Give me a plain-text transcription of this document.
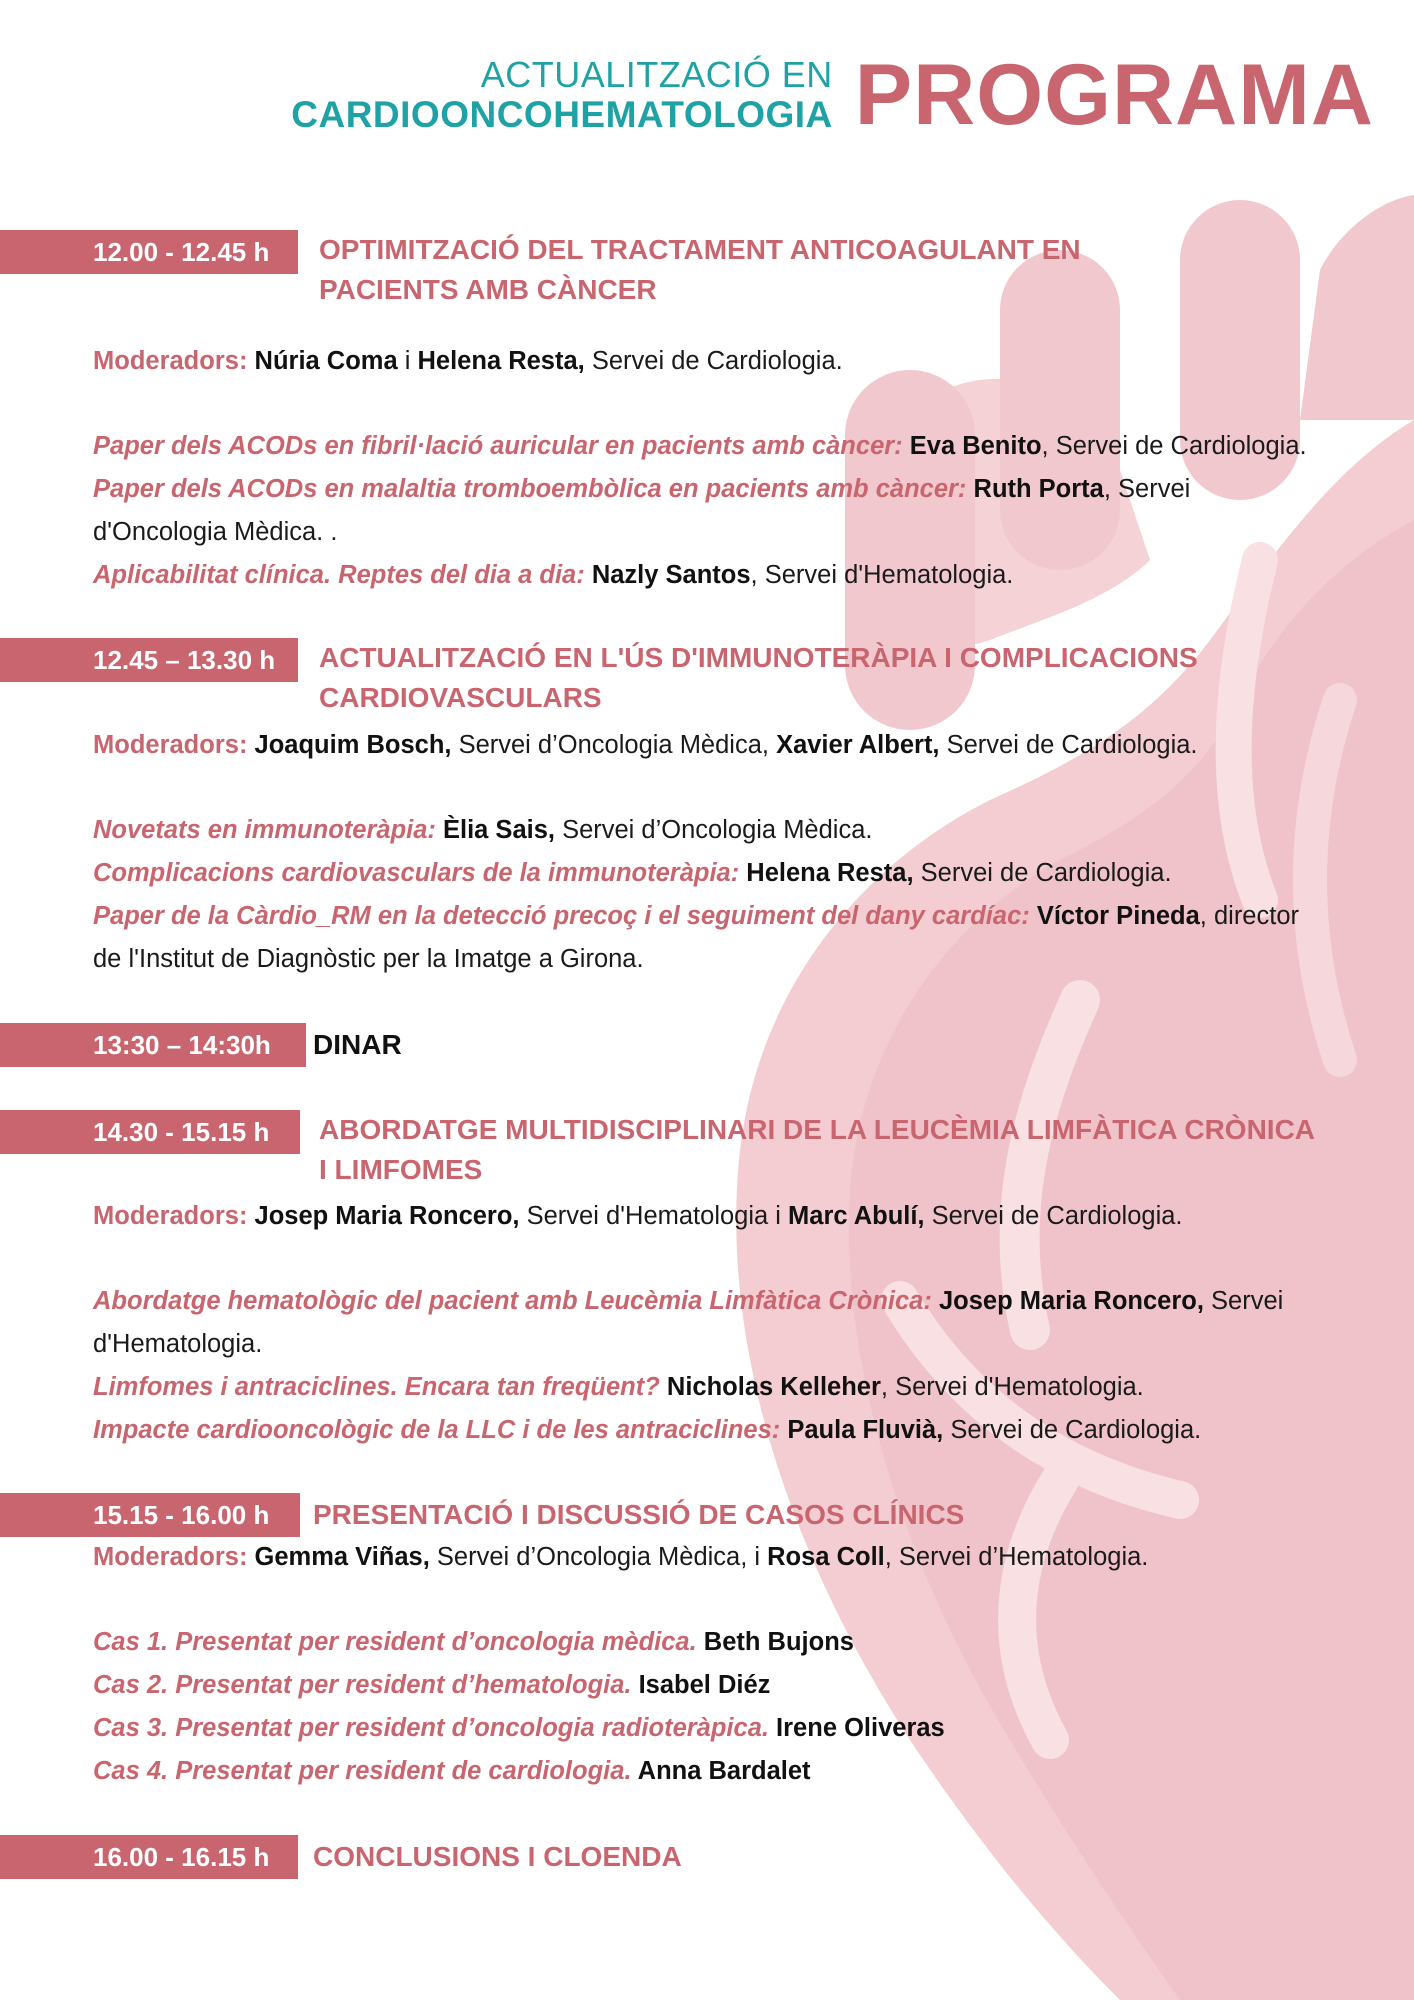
ACTUALITZACIÓ EN
CARDIOONCOHEMATOLOGIA PROGRAMA
12.00 - 12.45 h	OPTIMITZACIÓ DEL TRACTAMENT ANTICOAGULANT EN
PACIENTS AMB CÀNCER
Moderadors: Núria Coma i Helena Resta, Servei de Cardiologia.
Paper dels ACODs en fibril·lació auricular en pacients amb càncer: Eva Benito, Servei de Cardiologia.
Paper dels ACODs en malaltia tromboembòlica en pacients amb càncer: Ruth Porta, Servei
d'Oncologia Mèdica. .
Aplicabilitat clínica. Reptes del dia a dia: Nazly Santos, Servei d'Hematologia.
12.45 – 13.30 h	ACTUALITZACIÓ EN L'ÚS D'IMMUNOTERÀPIA I COMPLICACIONS
CARDIOVASCULARS
Moderadors: Joaquim Bosch, Servei d’Oncologia Mèdica, Xavier Albert, Servei de Cardiologia.
Novetats en immunoteràpia: Èlia Sais, Servei d’Oncologia Mèdica.
Complicacions cardiovasculars de la immunoteràpia: Helena Resta, Servei de Cardiologia.
Paper de la Càrdio_RM en la detecció precoç i el seguiment del dany cardíac: Víctor Pineda, director
de l'Institut de Diagnòstic per la Imatge a Girona.
13:30 – 14:30h	DINAR
14.30 - 15.15 h	ABORDATGE MULTIDISCIPLINARI DE LA LEUCÈMIA LIMFÀTICA CRÒNICA
I LIMFOMES
Moderadors: Josep Maria Roncero, Servei d'Hematologia i Marc Abulí, Servei de Cardiologia.
Abordatge hematològic del pacient amb Leucèmia Limfàtica Crònica: Josep Maria Roncero, Servei
d'Hematologia.
Limfomes i antraciclines. Encara tan freqüent? Nicholas Kelleher, Servei d'Hematologia.
Impacte cardiooncològic de la LLC i de les antraciclines: Paula Fluvià, Servei de Cardiologia.
15.15 - 16.00 h	PRESENTACIÓ I DISCUSSIÓ DE CASOS CLÍNICS
Moderadors: Gemma Viñas, Servei d’Oncologia Mèdica, i Rosa Coll, Servei d’Hematologia.
Cas 1. Presentat per resident d’oncologia mèdica. Beth Bujons
Cas 2. Presentat per resident d’hematologia. Isabel Diéz
Cas 3. Presentat per resident d’oncologia radioteràpica. Irene Oliveras
Cas 4. Presentat per resident de cardiologia. Anna Bardalet
16.00 - 16.15 h	CONCLUSIONS I CLOENDA
